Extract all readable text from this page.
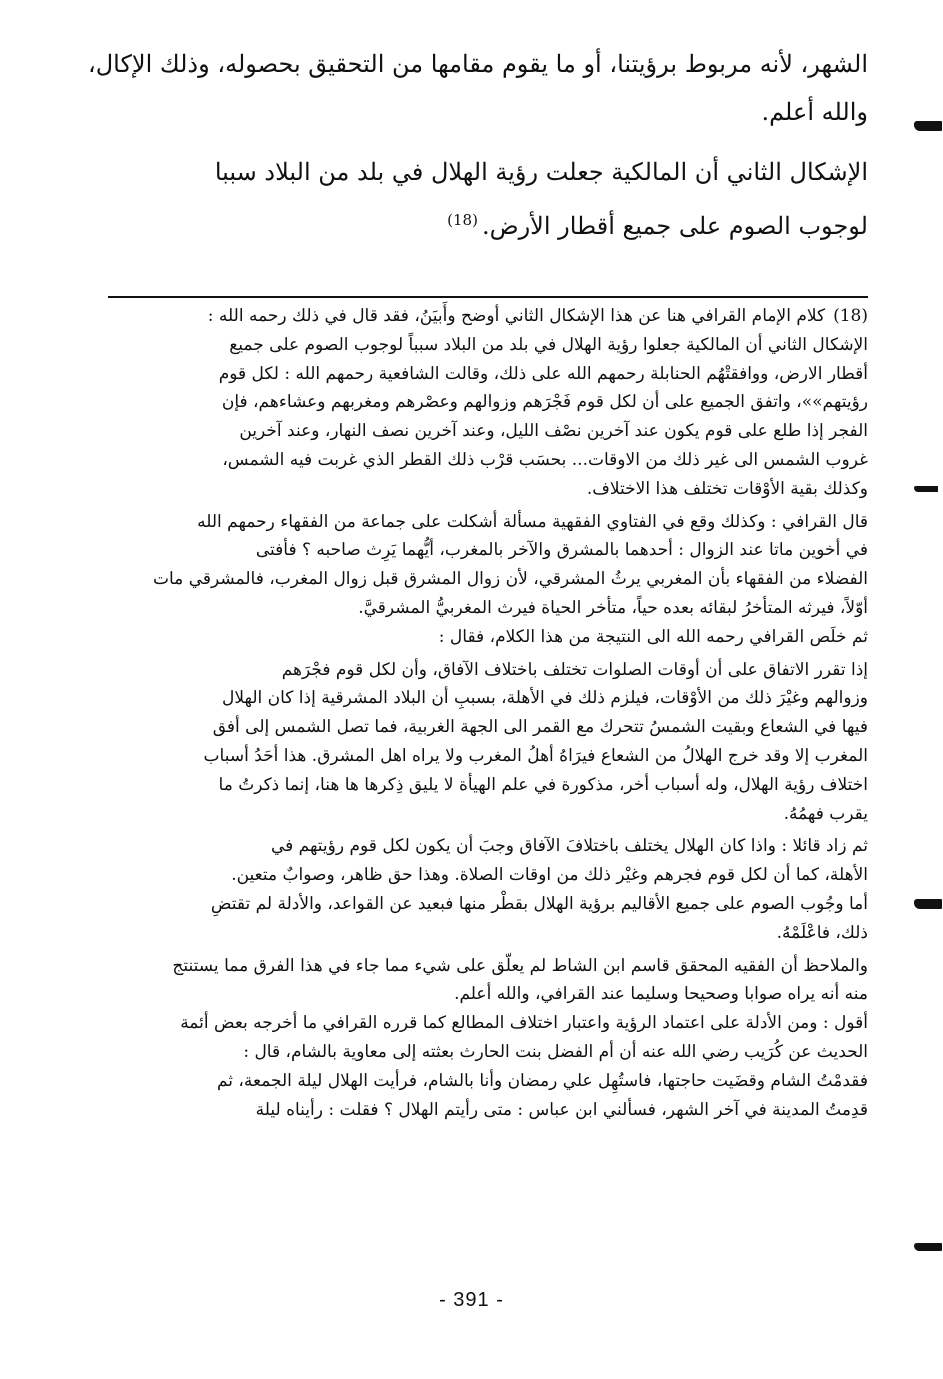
الشهر، لأنه مربوط برؤيتنا، أو ما يقوم مقامها من التحقيق بحصوله، وذلك الإكال،

والله أعلم.

الإشكال الثاني أن المالكية جعلت رؤية الهلال في بلد من البلاد سببا

لوجوب الصوم على جميع أقطار الأرض.$^{(18)}$

(18)كلام الإمام القرافي هنا عن هذا الإشكال الثاني أوضح وأَبيَنُ، فقد قال في ذلك رحمه الله :

الإشكال الثاني أن المالكية جعلوا رؤية الهلال في بلد من البلاد سبباً لوجوب الصوم على جميع

أقطار الارض، ووافقتْهُم الحنابلة رحمهم الله على ذلك، وقالت الشافعية رحمهم الله : لكل قوم

رؤيتهم»»، واتفق الجميع على أن لكل قوم فَجْرَهم وزوالهم وعصْرهم ومغربهم وعشاءهم، فإن

الفجر إذا طلع على قوم يكون عند آخرين نصْف الليل، وعند آخرين نصف النهار، وعند آخرين

غروب الشمس الى غير ذلك من الاوقات... بحسَب قرْب ذلك القطر الذي غربت فيه الشمس،

وكذلك بقية الأوْقات تختلف هذا الاختلاف.

قال القرافي : وكذلك وقع في الفتاوي الفقهية مسألة أشكلت على جماعة من الفقهاء رحمهم الله

في أخوين ماتا عند الزوال : أحدهما بالمشرق والآخر بالمغرب، أيُّهما يَرِث صاحبه ؟ فأفتى

الفضلاء من الفقهاء بأن المغربي يرثُ المشرقي، لأن زوال المشرق قبل زوال المغرب، فالمشرقي مات

أوّلاً، فيرثه المتأخرُ لبقائه بعده حياً، متأخر الحياة فيرث المغربيُّ المشرقيَّ.

ثم خلَص القرافي رحمه الله الى النتيجة من هذا الكلام، فقال :

إذا تقرر الاتفاق على أن أوقات الصلوات تختلف باختلاف الآفاق، وأن لكل قوم فجْرَهم

وزوالهم وغيْرَ ذلك من الأوْقات، فيلزم ذلك في الأهلة، بسببِ أن البلاد المشرقية إذا كان الهلال

فيها في الشعاع وبقيت الشمسُ تتحرك مع القمر الى الجهة الغربية، فما تصل الشمس إلى أفق

المغرب إلا وقد خرج الهلالُ من الشعاع فيرَاهُ أهلُ المغرب ولا يراه اهل المشرق. هذا أحَدُ أسباب

اختلاف رؤية الهلال، وله أسباب أخر، مذكورة في علم الهيأة لا يليق ذِكرها ها هنا، إنما ذكرتُ ما

يقرب فهمُهُ.

ثم زاد قائلا : واذا كان الهلال يختلف باختلافَ الآفاق وجبَ أن يكون لكل قوم رؤيتهم في

الأهلة، كما أن لكل قوم فجرهم وغيْر ذلك من اوقات الصلاة. وهذا حق ظاهر، وصوابٌ متعين.

أما وجُوب الصوم على جميع الأقاليم برؤية الهلال بقطْر منها فبعيد عن القواعد، والأدلة لم تقتضِ

ذلك، فاعْلَمْهُ.

والملاحظ أن الفقيه المحقق قاسم ابن الشاط لم يعلّق على شيء مما جاء في هذا الفرق مما يستنتج

منه أنه يراه صوابا وصحيحا وسليما عند القرافي، والله أعلم.

أقول : ومن الأدلة على اعتماد الرؤية واعتبار اختلاف المطالع كما قرره القرافي ما أخرجه بعض أئمة

الحديث عن كُرَيب رضي الله عنه أن أم الفضل بنت الحارث بعثته إلى معاوية بالشام، قال :

فقدمْتُ الشام وقضَيت حاجتها، فاستُهِل علي رمضان وأنا بالشام، فرأيت الهلال ليلة الجمعة، ثم

قدِمتُ المدينة في آخر الشهر، فسألني ابن عباس : متى رأيتم الهلال ؟ فقلت : رأيناه ليلة

- 391 -
